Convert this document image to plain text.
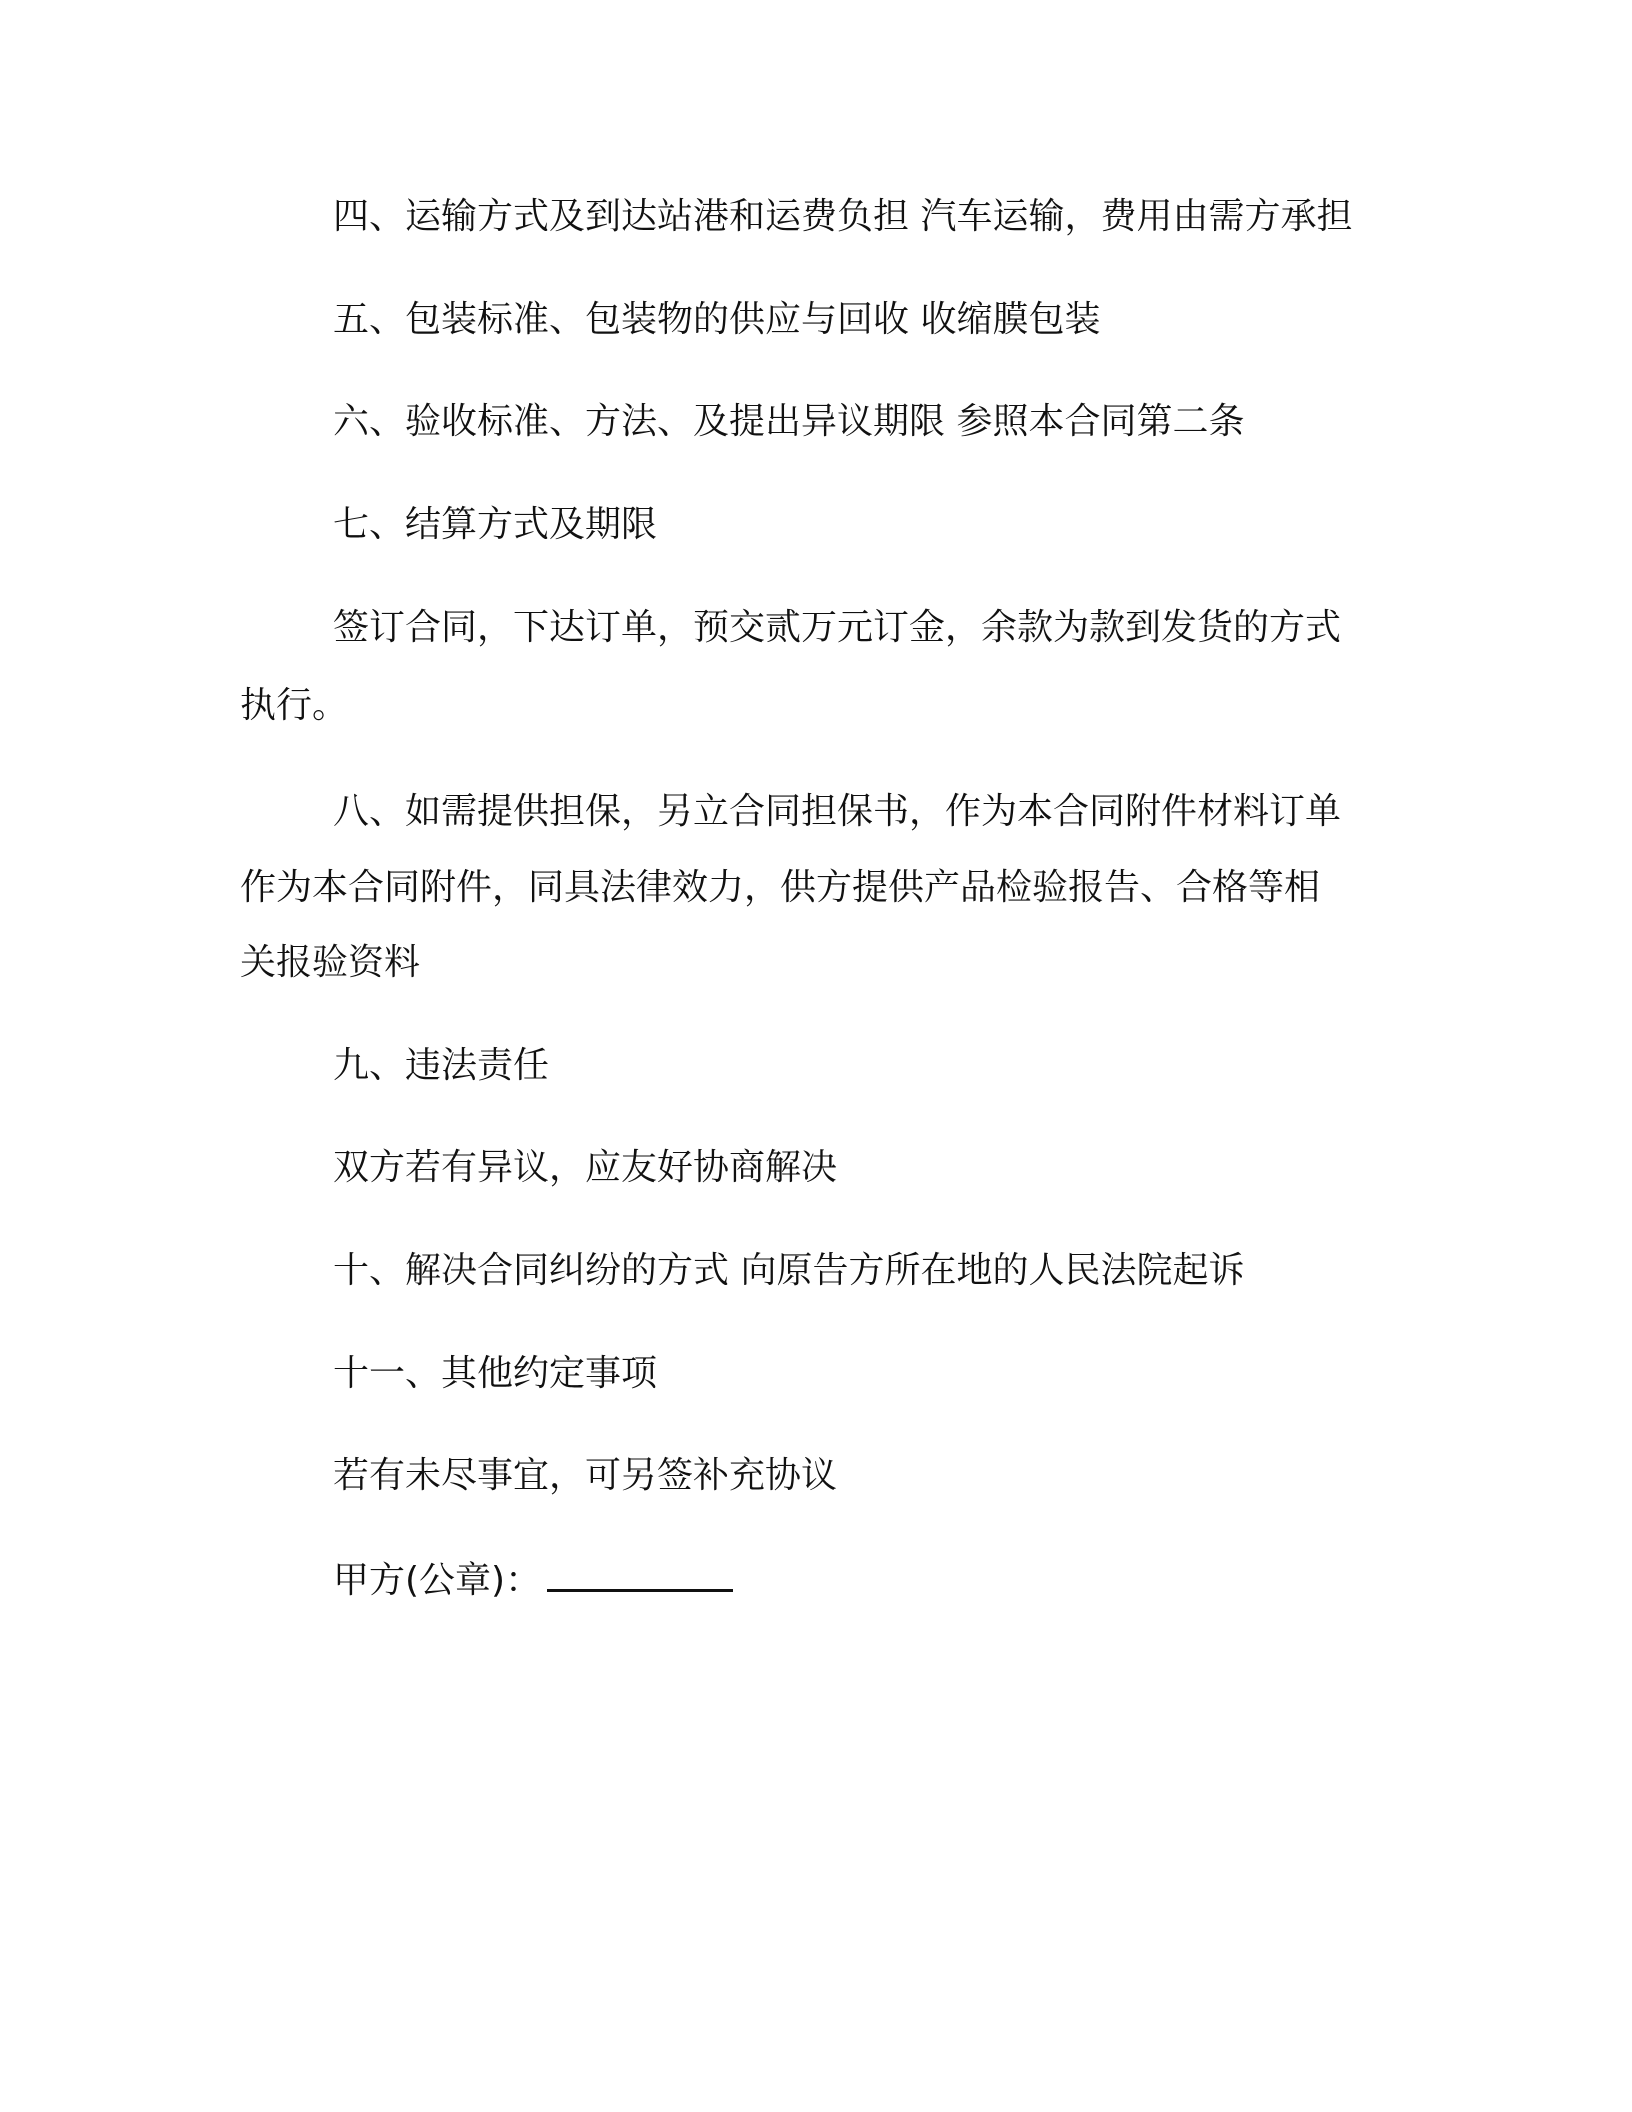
四、运输方式及到达站港和运费负担 汽车运输，费用由需方承担
五、包装标准、包装物的供应与回收 收缩膜包装
六、验收标准、方法、及提出异议期限 参照本合同第二条
七、结算方式及期限
签订合同，下达订单，预交贰万元订金，余款为款到发货的方式
执行。
八、如需提供担保，另立合同担保书，作为本合同附件材料订单
作为本合同附件，同具法律效力，供方提供产品检验报告、合格等相
关报验资料
九、违法责任
双方若有异议，应友好协商解决
十、解决合同纠纷的方式 向原告方所在地的人民法院起诉
十一、其他约定事项
若有未尽事宜，可另签补充协议
甲方(公章)：
